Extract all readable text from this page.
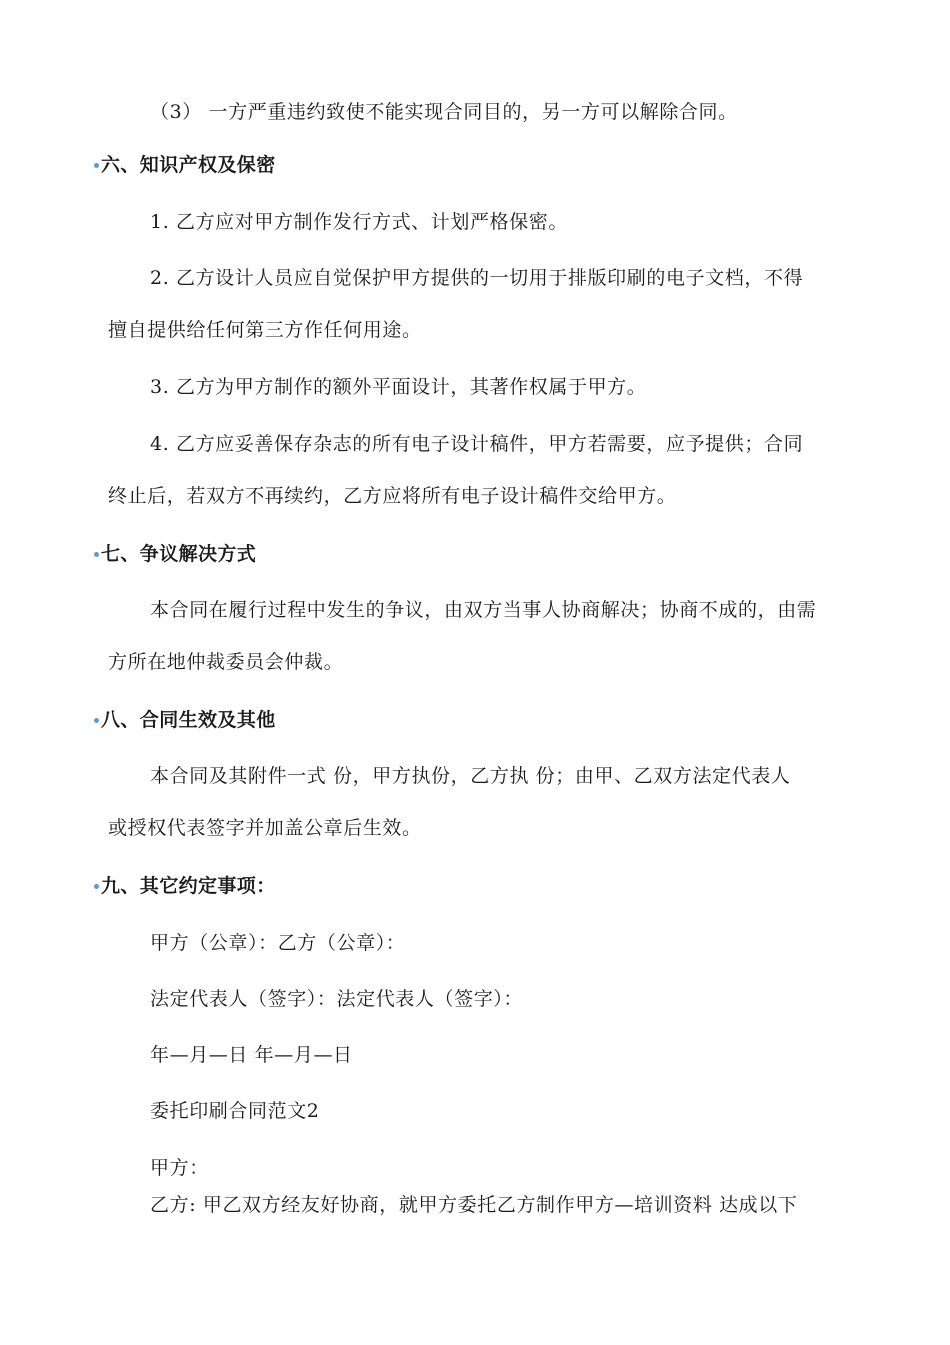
（3） 一方严重违约致使不能实现合同目的，另一方可以解除合同。
六、知识产权及保密
1. 乙方应对甲方制作发行方式、计划严格保密。
2. 乙方设计人员应自觉保护甲方提供的一切用于排版印刷的电子文档，不得
擅自提供给任何第三方作任何用途。
3. 乙方为甲方制作的额外平面设计，其著作权属于甲方。
4. 乙方应妥善保存杂志的所有电子设计稿件，甲方若需要，应予提供；合同
终止后，若双方不再续约，乙方应将所有电子设计稿件交给甲方。
七、争议解决方式
本合同在履行过程中发生的争议，由双方当事人协商解决；协商不成的，由需
方所在地仲裁委员会仲裁。
八、合同生效及其他
本合同及其附件一式 份，甲方执份，乙方执 份；由甲、乙双方法定代表人
或授权代表签字并加盖公章后生效。
九、其它约定事项：
甲方（公章）：乙方（公章）：
法定代表人（签字）：法定代表人（签字）：
年—月—日 年—月—日
委托印刷合同范文2
甲方：
乙方: 甲乙双方经友好协商，就甲方委托乙方制作甲方—培训资料 达成以下
